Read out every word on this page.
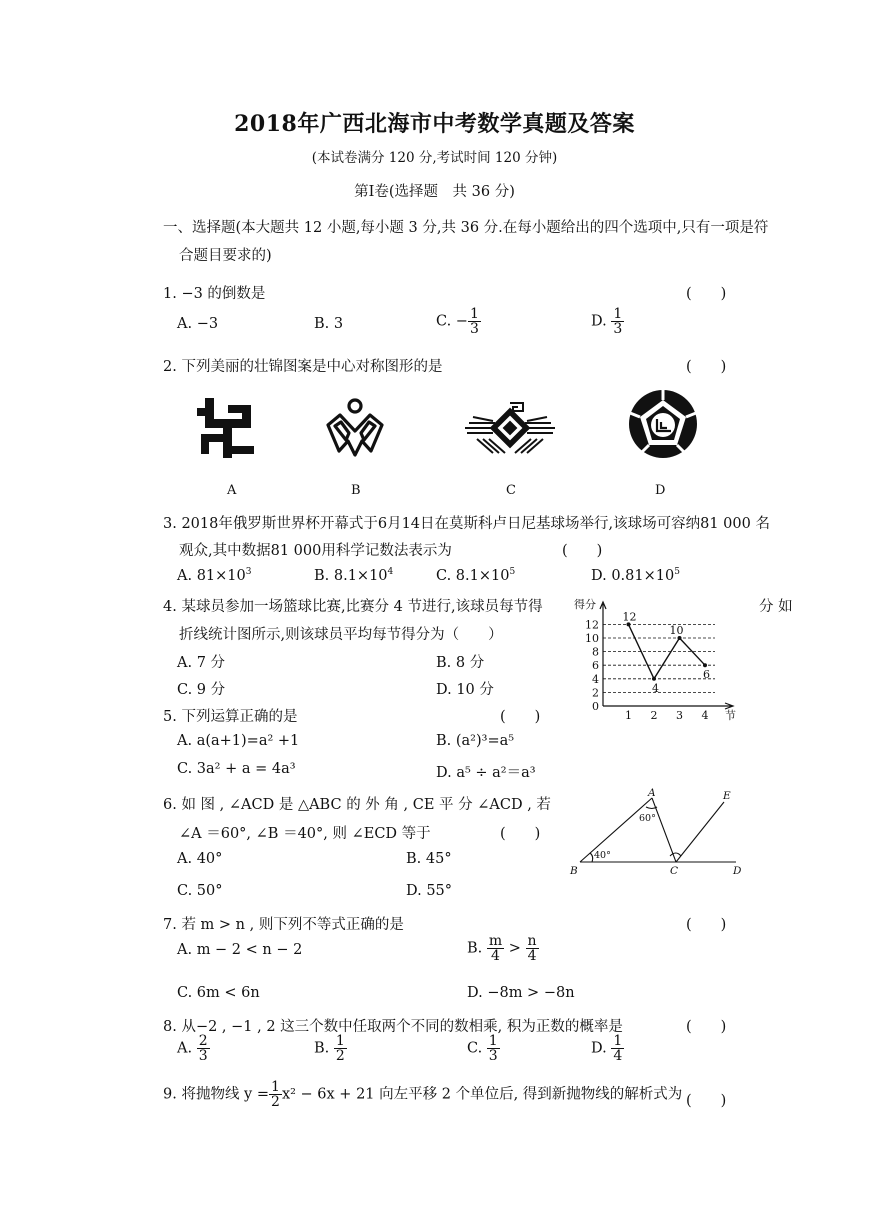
2018年广西北海市中考数学真题及答案
(本试卷满分 120 分,考试时间 120 分钟)
第Ⅰ卷(选择题　共 36 分)
一、选择题(本大题共 12 小题,每小题 3 分,共 36 分.在每小题给出的四个选项中,只有一项是符
合题目要求的)
1. −3 的倒数是	(　　)
A. −3	B. 3	C. − $\frac{1}{3}$	D. $\frac{1}{3}$
2. 下列美丽的壮锦图案是中心对称图形的是	(　　)
A	B	C	D
3. 2018年俄罗斯世界杯开幕式于6月14日在莫斯科卢日尼基球场举行,该球场可容纳81 000 名
观众,其中数据81 000用科学记数法表示为	(　　)
A. $81\times 10^3$	B. $8.1\times 10^4$	C. $8.1\times 10^5$	D. $0.81\times 10^5$
4. 某球员参加一场篮球比赛,比赛分 4 节进行,该球员每节得	分 如
折线统计图所示,则该球员平均每节得分为（　　）
A. 7 分	B. 8 分
C. 9 分	D. 10 分
0
2
4
6
8
10
12
1 2 3 4
12
4
10
6
得分
节
5. 下列运算正确的是	(　　)
A. a(a+1)=a² +1	B. (a²)³=a⁵
C. 3a² + a = 4a³	D. a⁵ ÷ a²＝a³
6. 如 图 , ∠ACD 是 △ABC 的 外 角 , CE 平 分 ∠ACD , 若
∠A ＝60°, ∠B ＝40°, 则 ∠ECD 等于	(　　)
A. 40°	B. 45°
C. 50°	D. 55°
A
B	C	D
E
60°
40°
7. 若 m > n , 则下列不等式正确的是	(　　)
A. m − 2 < n − 2	B. $\frac{m}{4} > \frac{n}{4}$
C. 6m < 6n	D. −8m > −8n
8. 从−2 , −1 , 2 这三个数中任取两个不同的数相乘, 积为正数的概率是	(　　)
A. $\frac{2}{3}$	B. $\frac{1}{2}$	C. $\frac{1}{3}$	D. $\frac{1}{4}$
9. 将抛物线 $y = \frac{1}{2} x^2 - 6x + 21$ 向左平移 2 个单位后, 得到新抛物线的解析式为 (　　)
